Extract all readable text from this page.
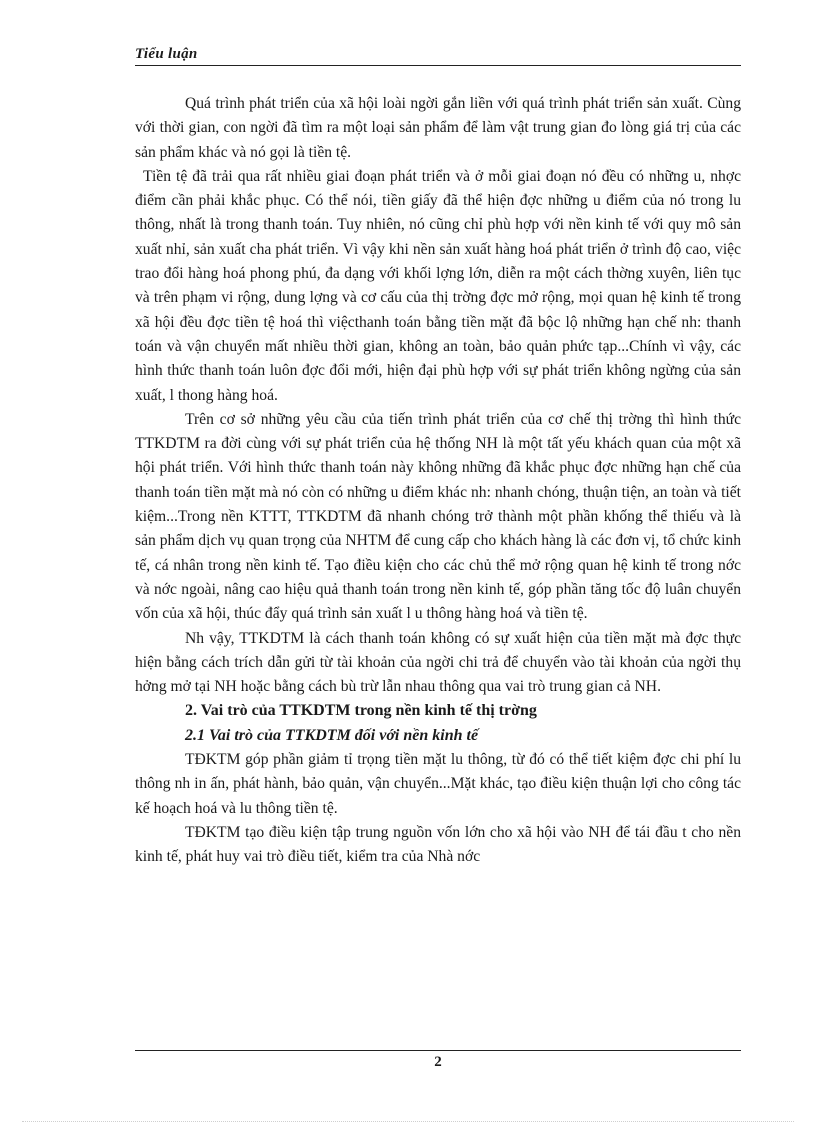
Tiểu luận

Quá trình phát triển của xã hội loài ngời gắn liền với quá trình phát triển sản xuất. Cùng với thời gian, con ngời đã tìm ra một loại sản phẩm để làm vật trung gian đo lòng giá trị của các sản phẩm khác và nó gọi là tiền tệ.

Tiền tệ đã trải qua rất nhiều giai đoạn phát triển và ở mỗi giai đoạn nó đều có những u, nhợc điểm cần phải khắc phục. Có thể nói, tiền giấy đã thể hiện đợc những u điểm của nó trong lu thông, nhất là trong thanh toán. Tuy nhiên, nó cũng chỉ phù hợp với nền kinh tế với quy mô sản xuất nhỉ, sản xuất cha phát triển. Vì vậy khi nền sản xuất hàng hoá phát triển ở trình độ cao, việc trao đổi hàng hoá phong phú, đa dạng với khối lợng lớn, diễn ra một cách thờng xuyên, liên tục và trên phạm vi rộng, dung lợng và cơ cấu của thị trờng đợc mở rộng, mọi quan hệ kinh tế trong xã hội đều đợc tiền tệ hoá thì việcthanh toán bằng tiền mặt đã bộc lộ những hạn chế nh: thanh toán và vận chuyển mất nhiều thời gian, không an toàn, bảo quản phức tạp...Chính vì vậy, các hình thức thanh toán luôn đợc đổi mới, hiện đại phù hợp với sự phát triển không ngừng của sản xuất, l thong hàng hoá.

Trên cơ sở những yêu cầu của tiến trình phát triển của cơ chế thị trờng thì hình thức TTKDTM ra đời cùng với sự phát triển của hệ thống NH là một tất yếu khách quan của một xã hội phát triển. Với hình thức thanh toán này không những đã khắc phục đợc những hạn chế của thanh toán tiền mặt mà nó còn có những u điểm khác nh: nhanh chóng, thuận tiện, an toàn và tiết kiệm...Trong nền KTTT, TTKDTM đã nhanh chóng trở thành một phần khống thể thiếu và là sản phẩm dịch vụ quan trọng của NHTM để cung cấp cho khách hàng là các đơn vị, tổ chức kinh tế, cá nhân trong nền kinh tế. Tạo điều kiện cho các chủ thể mở rộng quan hệ kinh tế trong nớc và nớc ngoài, nâng cao hiệu quả thanh toán trong nền kinh tế, góp phần tăng tốc độ luân chuyển vốn của xã hội, thúc đẩy quá trình sản xuất l u thông hàng hoá và tiền tệ.

Nh vậy, TTKDTM là cách thanh toán không có sự xuất hiện của tiền mặt mà đợc thực hiện bằng cách trích dẫn gửi từ tài khoản của ngời chi trả để chuyển vào tài khoản của ngời thụ hởng mở tại NH hoặc bằng cách bù trừ lẫn nhau thông qua vai trò trung gian cả NH.

2. Vai trò của TTKDTM trong nền kinh tế thị trờng
2.1 Vai trò của TTKDTM đối với nền kinh tế

TĐKTM góp phần giảm tỉ trọng tiền mặt lu thông, từ đó có thể tiết kiệm đợc chi phí lu thông nh in ấn, phát hành, bảo quản, vận chuyển...Mặt khác, tạo điều kiện thuận lợi cho công tác kế hoạch hoá và lu thông tiền tệ.

TĐKTM tạo điều kiện tập trung nguồn vốn lớn cho xã hội vào NH để tái đầu t cho nền kinh tế, phát huy vai trò điều tiết, kiểm tra của Nhà nớc

2
